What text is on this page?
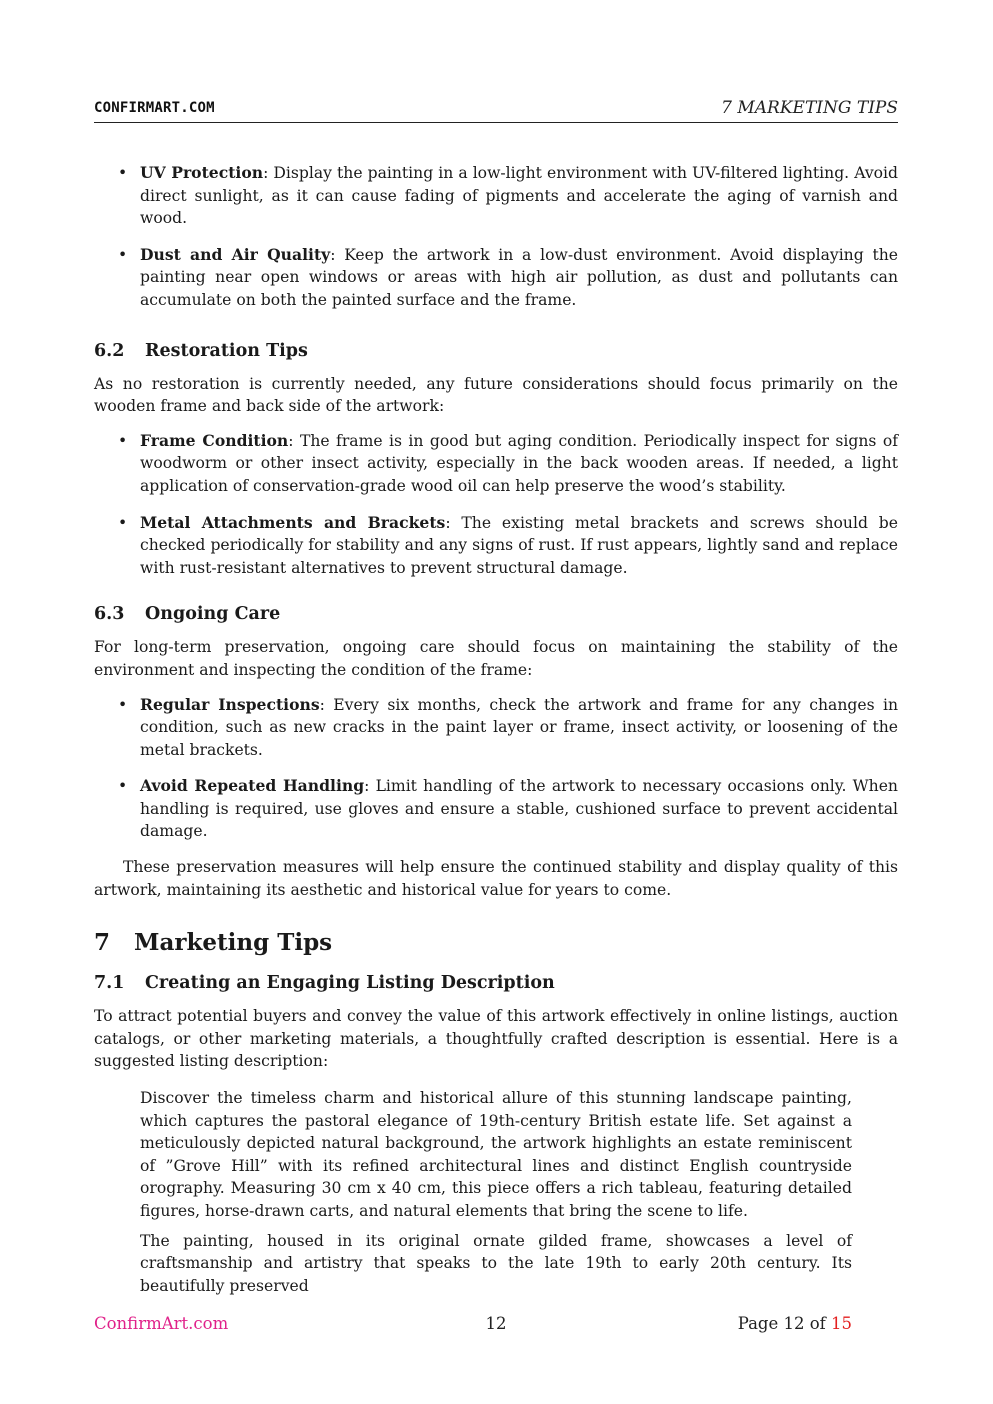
CONFIRMART.COM	7 MARKETING TIPS
• UV Protection: Display the painting in a low-light environment with UV-filtered lighting. Avoid direct sunlight, as it can cause fading of pigments and accelerate the aging of varnish and wood.
• Dust and Air Quality: Keep the artwork in a low-dust environment. Avoid displaying the painting near open windows or areas with high air pollution, as dust and pollutants can accumulate on both the painted surface and the frame.
6.2 Restoration Tips

As no restoration is currently needed, any future considerations should focus primarily on the wooden frame and back side of the artwork:

• Frame Condition: The frame is in good but aging condition. Periodically inspect for signs of woodworm or other insect activity, especially in the back wooden areas. If needed, a light application of conservation-grade wood oil can help preserve the wood’s stability.
• Metal Attachments and Brackets: The existing metal brackets and screws should be checked periodically for stability and any signs of rust. If rust appears, lightly sand and replace with rust-resistant alternatives to prevent structural damage.
6.3 Ongoing Care

For long-term preservation, ongoing care should focus on maintaining the stability of the environment and inspecting the condition of the frame:

• Regular Inspections: Every six months, check the artwork and frame for any changes in condition, such as new cracks in the paint layer or frame, insect activity, or loosening of the metal brackets.
• Avoid Repeated Handling: Limit handling of the artwork to necessary occasions only. When handling is required, use gloves and ensure a stable, cushioned surface to prevent accidental damage.

These preservation measures will help ensure the continued stability and display quality of this artwork, maintaining its aesthetic and historical value for years to come.

7 Marketing Tips
7.1 Creating an Engaging Listing Description

To attract potential buyers and convey the value of this artwork effectively in online listings, auction catalogs, or other marketing materials, a thoughtfully crafted description is essential. Here is a suggested listing description:

Discover the timeless charm and historical allure of this stunning landscape painting, which captures the pastoral elegance of 19th-century British estate life. Set against a meticulously depicted natural background, the artwork highlights an estate reminiscent of ”Grove Hill” with its refined architectural lines and distinct English countryside orography. Measuring 30 cm x 40 cm, this piece offers a rich tableau, featuring detailed figures, horse-drawn carts, and natural elements that bring the scene to life.

The painting, housed in its original ornate gilded frame, showcases a level of craftsmanship and artistry that speaks to the late 19th to early 20th century. Its beautifully preserved

ConfirmArt.com	12	Page 12 of 15
